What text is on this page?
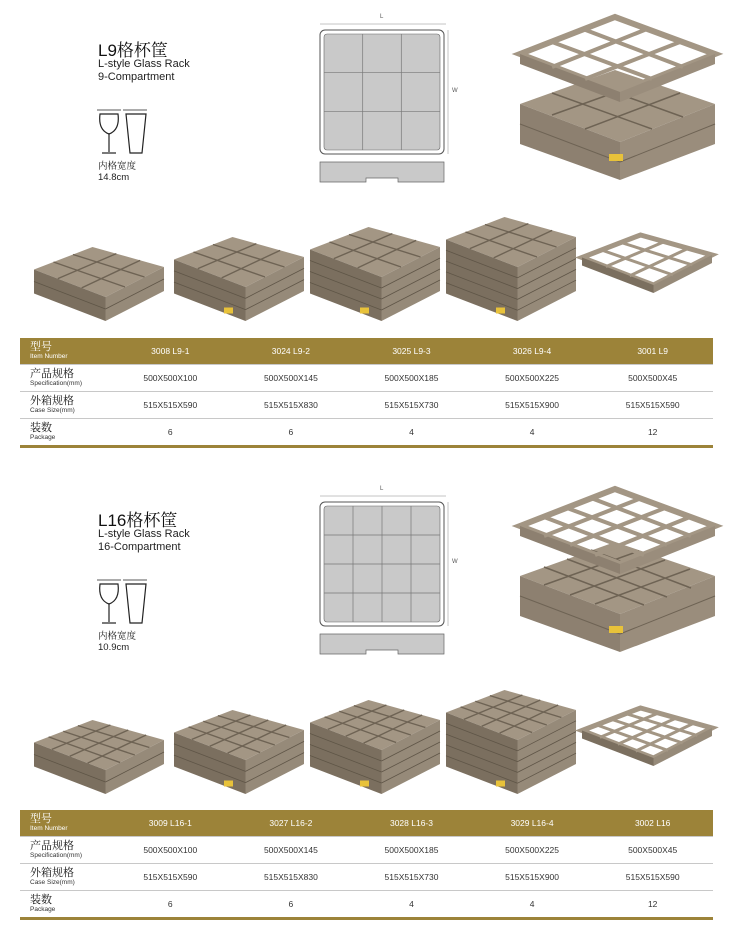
L9格杯筐
L-style Glass Rack
9-Compartment
内格宽度
14.8cm
L
W
型号
Item Number	3008 L9-1	3024 L9-2	3025 L9-3	3026 L9-4	3001 L9

产品规格
Specification(mm)	500X500X100	500X500X145	500X500X185	500X500X225	500X500X45

外箱规格
Case Size(mm)	515X515X590	515X515X830	515X515X730	515X515X900	515X515X590

装数
Package	6	6	4	4	12
L16格杯筐
L-style Glass Rack
16-Compartment
内格宽度
10.9cm
L
W
型号
Item Number	3009 L16-1	3027 L16-2	3028 L16-3	3029 L16-4	3002 L16

产品规格
Specification(mm)	500X500X100	500X500X145	500X500X185	500X500X225	500X500X45

外箱规格
Case Size(mm)	515X515X590	515X515X830	515X515X730	515X515X900	515X515X590

装数
Package	6	6	4	4	12
